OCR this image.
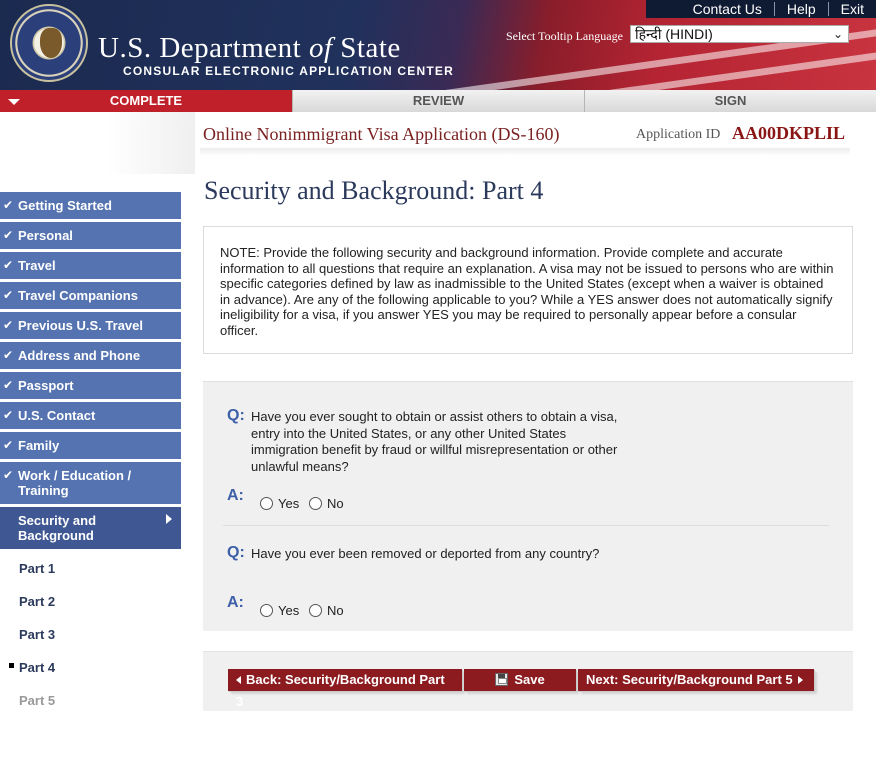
Contact Us	Help	Exit
U.S. Department of State
CONSULAR ELECTRONIC APPLICATION CENTER
Select Tooltip Language हिन्दी (HINDI)	⌄
COMPLETE	REVIEW	SIGN
Online Nonimmigrant Visa Application (DS-160)	Application ID AA00DKPLIL
Security and Background: Part 4
✔ Getting Started
✔ Personal
✔ Travel
✔ Travel Companions
✔ Previous U.S. Travel
✔ Address and Phone
✔ Passport
✔ U.S. Contact
✔ Family
✔ Work / Education / Training
Security and Background
Part 1
Part 2
Part 3
Part 4
Part 5
NOTE: Provide the following security and background information. Provide complete and accurate information to all questions that require an explanation. A visa may not be issued to persons who are within specific categories defined by law as inadmissible to the United States (except when a waiver is obtained in advance). Are any of the following applicable to you? While a YES answer does not automatically signify ineligibility for a visa, if you answer YES you may be required to personally appear before a consular officer.
Q: Have you ever sought to obtain or assist others to obtain a visa, entry into the United States, or any other United States immigration benefit by fraud or willful misrepresentation or other unlawful means?
A:	Yes No
Q: Have you ever been removed or deported from any country?
A:	Yes No
Back: Security/Background Part 3
Save	Next: Security/Background Part 5
